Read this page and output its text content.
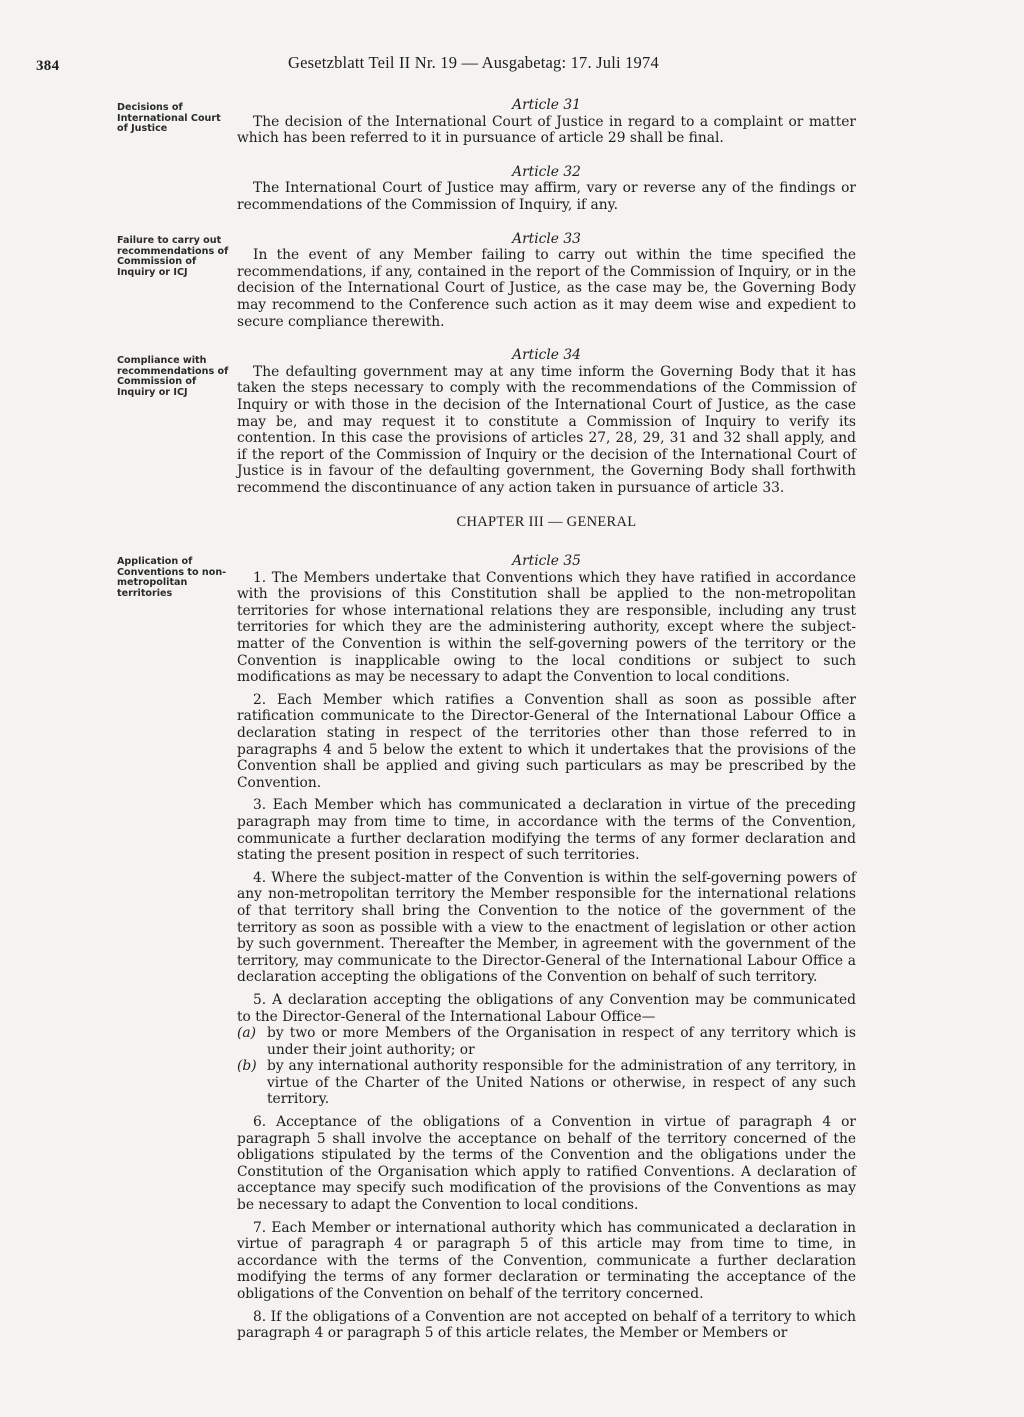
384	Gesetzblatt Teil II Nr. 19 — Ausgabetag: 17. Juli 1974
Decisions of International Court of Justice
Failure to carry out recommendations of Commission of Inquiry or ICJ
Compliance with recommendations of Commission of Inquiry or ICJ
Application of Conventions to non-metropolitan territories

Article 31

The decision of the International Court of Justice in regard to a complaint or matter which has been referred to it in pursuance of article 29 shall be final.

Article 32

The International Court of Justice may affirm, vary or reverse any of the findings or recommendations of the Commission of Inquiry, if any.

Article 33

In the event of any Member failing to carry out within the time specified the recommendations, if any, contained in the report of the Commission of Inquiry, or in the decision of the International Court of Justice, as the case may be, the Governing Body may recommend to the Conference such action as it may deem wise and expedient to secure compliance therewith.

Article 34

The defaulting government may at any time inform the Governing Body that it has taken the steps necessary to comply with the recommendations of the Commission of Inquiry or with those in the decision of the International Court of Justice, as the case may be, and may request it to constitute a Commission of Inquiry to verify its contention. In this case the provisions of articles 27, 28, 29, 31 and 32 shall apply, and if the report of the Commission of Inquiry or the decision of the International Court of Justice is in favour of the defaulting government, the Governing Body shall forthwith recommend the discontinuance of any action taken in pursuance of article 33.

CHAPTER III — GENERAL

Article 35

1. The Members undertake that Conventions which they have ratified in accordance with the provisions of this Constitution shall be applied to the non-metropolitan territories for whose international relations they are responsible, including any trust territories for which they are the administering authority, except where the subject-matter of the Convention is within the self-governing powers of the territory or the Convention is inapplicable owing to the local conditions or subject to such modifications as may be necessary to adapt the Convention to local conditions.

2. Each Member which ratifies a Convention shall as soon as possible after ratification communicate to the Director-General of the International Labour Office a declaration stating in respect of the territories other than those referred to in paragraphs 4 and 5 below the extent to which it undertakes that the provisions of the Convention shall be applied and giving such particulars as may be prescribed by the Convention.

3. Each Member which has communicated a declaration in virtue of the preceding paragraph may from time to time, in accordance with the terms of the Convention, communicate a further declaration modifying the terms of any former declaration and stating the present position in respect of such territories.

4. Where the subject-matter of the Convention is within the self-governing powers of any non-metropolitan territory the Member responsible for the international relations of that territory shall bring the Convention to the notice of the government of the territory as soon as possible with a view to the enactment of legislation or other action by such government. Thereafter the Member, in agreement with the government of the territory, may communicate to the Director-General of the International Labour Office a declaration accepting the obligations of the Convention on behalf of such territory.

5. A declaration accepting the obligations of any Convention may be communicated to the Director-General of the International Labour Office—

(a) by two or more Members of the Organisation in respect of any territory which is under their joint authority; or
(b) by any international authority responsible for the administration of any territory, in virtue of the Charter of the United Nations or otherwise, in respect of any such territory.

6. Acceptance of the obligations of a Convention in virtue of paragraph 4 or paragraph 5 shall involve the acceptance on behalf of the territory concerned of the obligations stipulated by the terms of the Convention and the obligations under the Constitution of the Organisation which apply to ratified Conventions. A declaration of acceptance may specify such modification of the provisions of the Conventions as may be necessary to adapt the Convention to local conditions.

7. Each Member or international authority which has communicated a declaration in virtue of paragraph 4 or paragraph 5 of this article may from time to time, in accordance with the terms of the Convention, communicate a further declaration modifying the terms of any former declaration or terminating the acceptance of the obligations of the Convention on behalf of the territory concerned.

8. If the obligations of a Convention are not accepted on behalf of a territory to which paragraph 4 or paragraph 5 of this article relates, the Member or Members or
